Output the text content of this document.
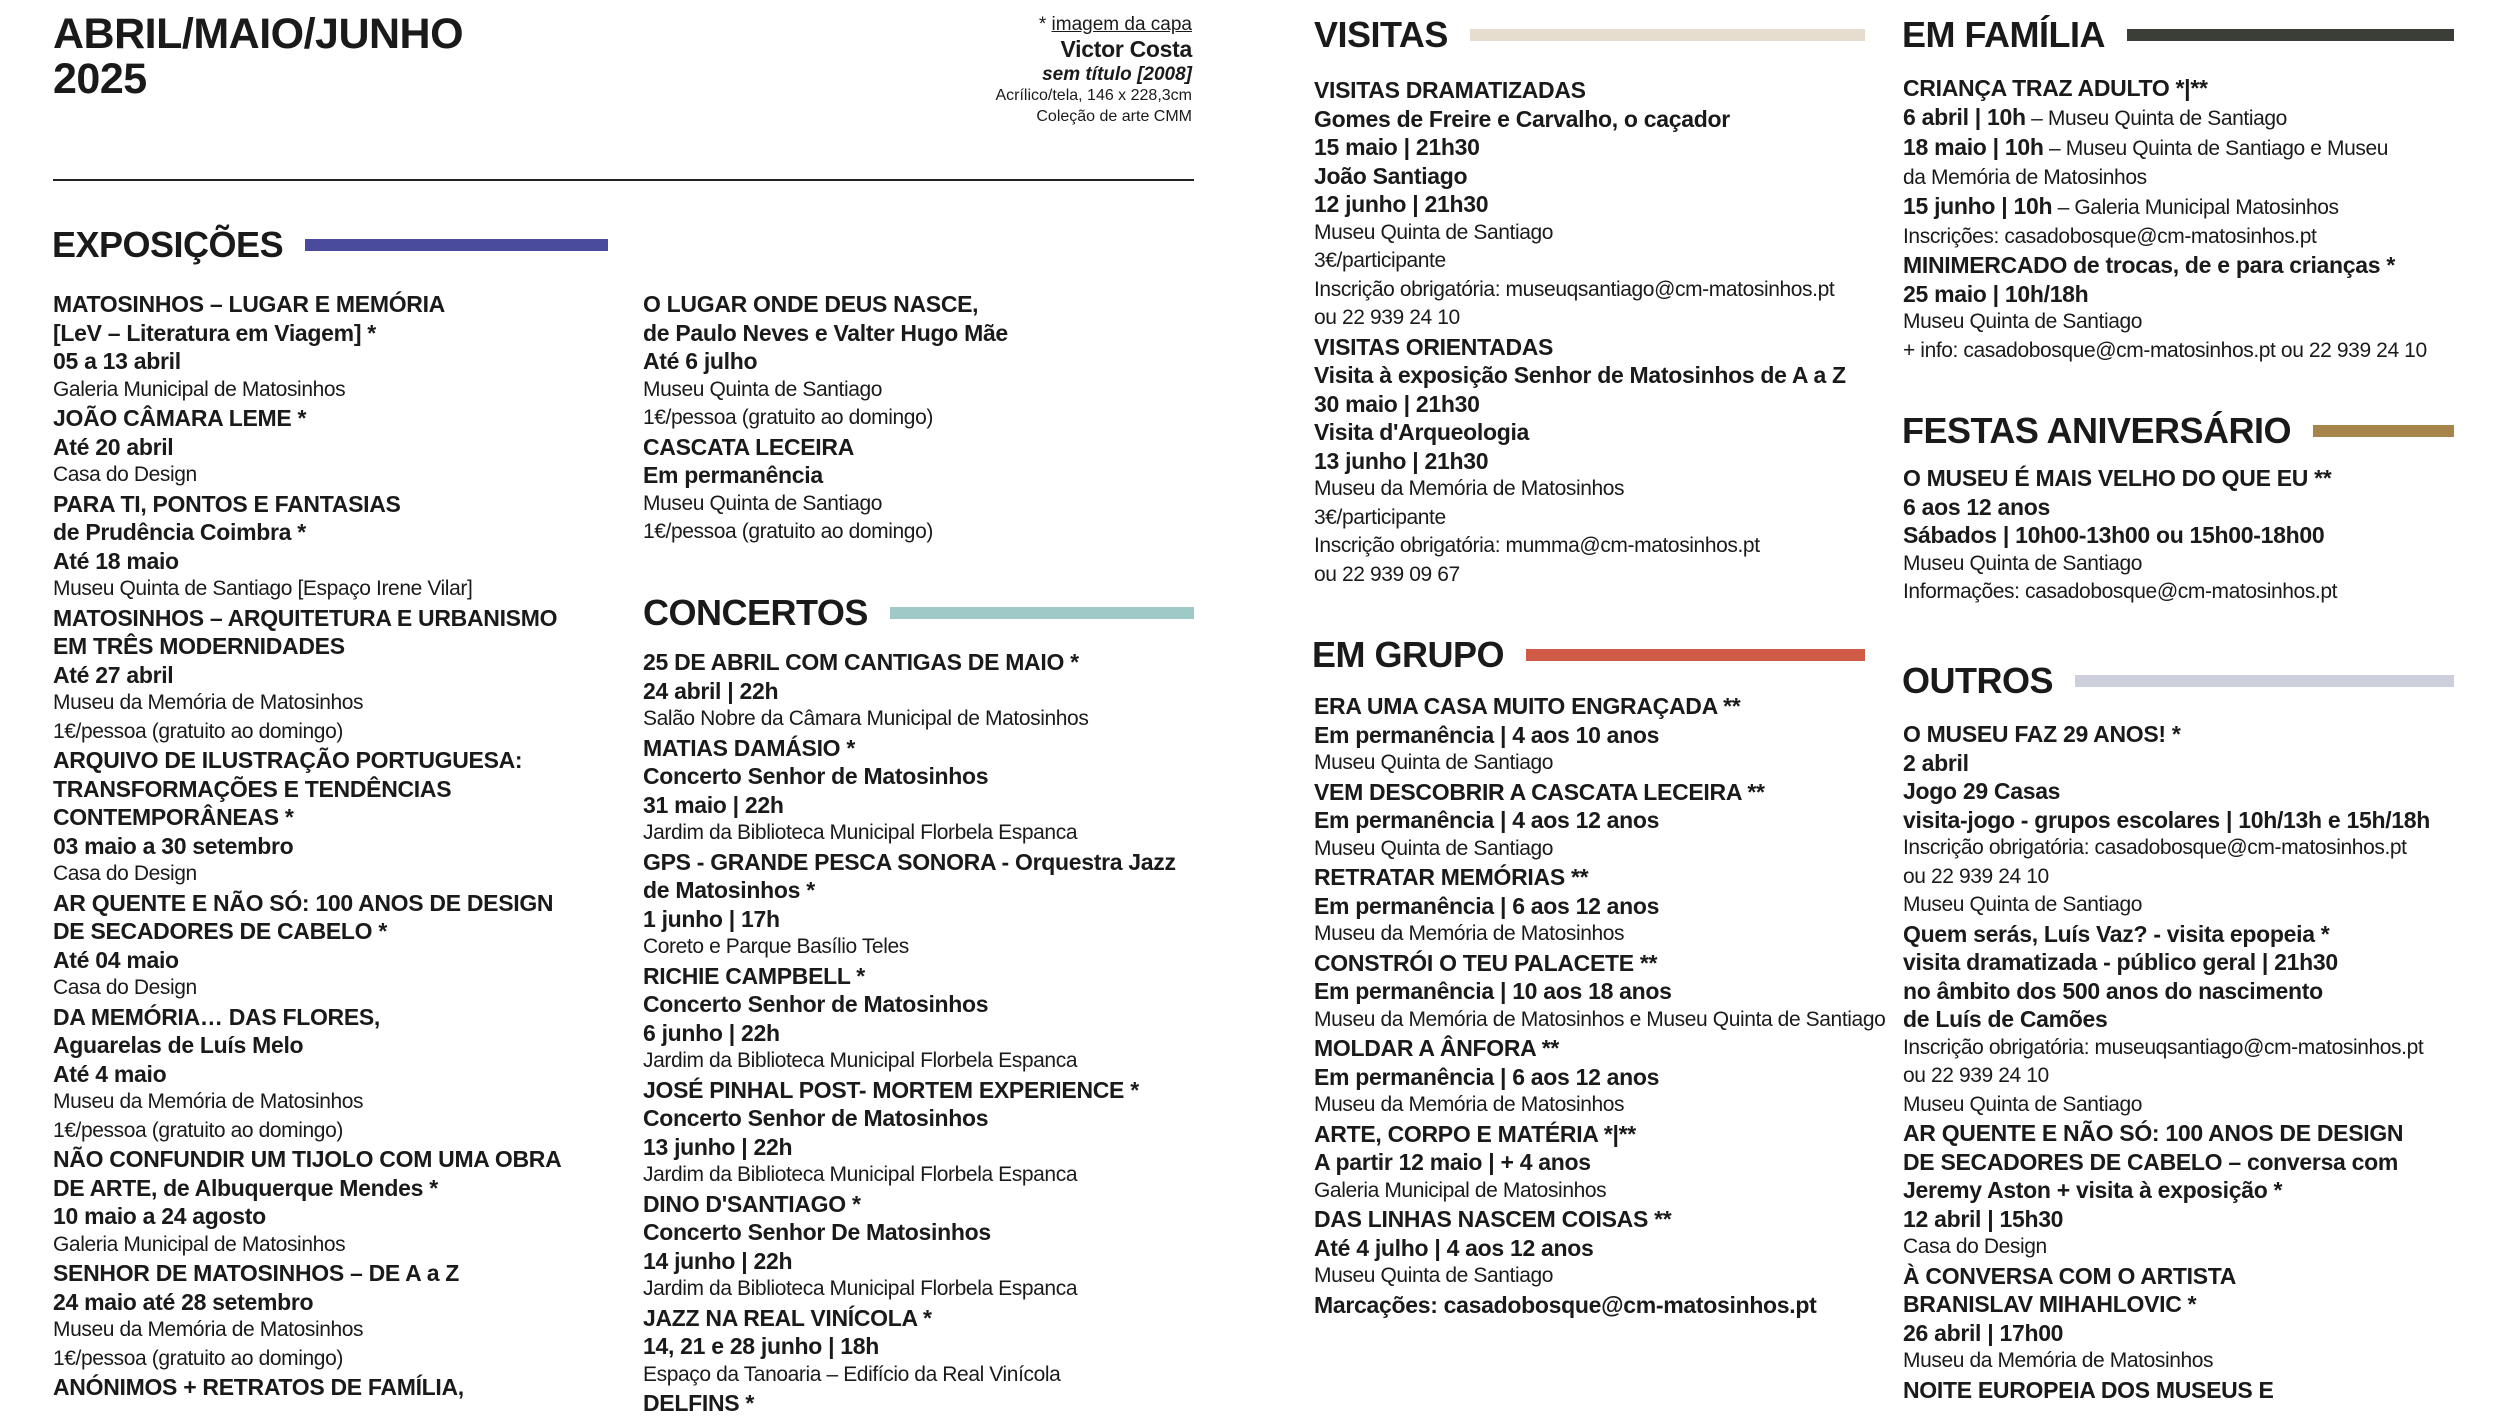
ABRIL/MAIO/JUNHO
2025
* imagem da capa
Victor Costa
sem título [2008]
Acrílico/tela, 146 x 228,3cm
Coleção de arte CMM
EXPOSIÇÕES
MATOSINHOS – LUGAR E MEMÓRIA
[LeV – Literatura em Viagem] *
05 a 13 abril
Galeria Municipal de Matosinhos
JOÃO CÂMARA LEME *
Até 20 abril
Casa do Design
PARA TI, PONTOS E FANTASIAS
de Prudência Coimbra *
Até 18 maio
Museu Quinta de Santiago [Espaço Irene Vilar]
MATOSINHOS – ARQUITETURA E URBANISMO
EM TRÊS MODERNIDADES
Até 27 abril
Museu da Memória de Matosinhos
1€/pessoa (gratuito ao domingo)
ARQUIVO DE ILUSTRAÇÃO PORTUGUESA:
TRANSFORMAÇÕES E TENDÊNCIAS
CONTEMPORÂNEAS *
03 maio a 30 setembro
Casa do Design
AR QUENTE E NÃO SÓ: 100 ANOS DE DESIGN
DE SECADORES DE CABELO *
Até 04 maio
Casa do Design
DA MEMÓRIA… DAS FLORES,
Aguarelas de Luís Melo
Até 4 maio
Museu da Memória de Matosinhos
1€/pessoa (gratuito ao domingo)
NÃO CONFUNDIR UM TIJOLO COM UMA OBRA
DE ARTE, de Albuquerque Mendes *
10 maio a 24 agosto
Galeria Municipal de Matosinhos
SENHOR DE MATOSINHOS – DE A a Z
24 maio até 28 setembro
Museu da Memória de Matosinhos
1€/pessoa (gratuito ao domingo)
ANÓNIMOS + RETRATOS DE FAMÍLIA,
O LUGAR ONDE DEUS NASCE,
de Paulo Neves e Valter Hugo Mãe
Até 6 julho
Museu Quinta de Santiago
1€/pessoa (gratuito ao domingo)
CASCATA LECEIRA
Em permanência
Museu Quinta de Santiago
1€/pessoa (gratuito ao domingo)
CONCERTOS
25 DE ABRIL COM CANTIGAS DE MAIO *
24 abril | 22h
Salão Nobre da Câmara Municipal de Matosinhos
MATIAS DAMÁSIO *
Concerto Senhor de Matosinhos
31 maio | 22h
Jardim da Biblioteca Municipal Florbela Espanca
GPS - GRANDE PESCA SONORA - Orquestra Jazz
de Matosinhos *
1 junho | 17h
Coreto e Parque Basílio Teles
RICHIE CAMPBELL *
Concerto Senhor de Matosinhos
6 junho | 22h
Jardim da Biblioteca Municipal Florbela Espanca
JOSÉ PINHAL POST- MORTEM EXPERIENCE *
Concerto Senhor de Matosinhos
13 junho | 22h
Jardim da Biblioteca Municipal Florbela Espanca
DINO D'SANTIAGO *
Concerto Senhor De Matosinhos
14 junho | 22h
Jardim da Biblioteca Municipal Florbela Espanca
JAZZ NA REAL VINÍCOLA *
14, 21 e 28 junho | 18h
Espaço da Tanoaria – Edifício da Real Vinícola
DELFINS *
VISITAS
VISITAS DRAMATIZADAS
Gomes de Freire e Carvalho, o caçador
15 maio | 21h30
João Santiago
12 junho | 21h30
Museu Quinta de Santiago
3€/participante
Inscrição obrigatória: museuqsantiago@cm-matosinhos.pt
ou 22 939 24 10
VISITAS ORIENTADAS
Visita à exposição Senhor de Matosinhos de A a Z
30 maio | 21h30
Visita d'Arqueologia
13 junho | 21h30
Museu da Memória de Matosinhos
3€/participante
Inscrição obrigatória: mumma@cm-matosinhos.pt
ou 22 939 09 67
EM GRUPO
ERA UMA CASA MUITO ENGRAÇADA **
Em permanência | 4 aos 10 anos
Museu Quinta de Santiago
VEM DESCOBRIR A CASCATA LECEIRA **
Em permanência | 4 aos 12 anos
Museu Quinta de Santiago
RETRATAR MEMÓRIAS **
Em permanência | 6 aos 12 anos
Museu da Memória de Matosinhos
CONSTRÓI O TEU PALACETE **
Em permanência | 10 aos 18 anos
Museu da Memória de Matosinhos e Museu Quinta de Santiago
MOLDAR A ÂNFORA **
Em permanência | 6 aos 12 anos
Museu da Memória de Matosinhos
ARTE, CORPO E MATÉRIA *|**
A partir 12 maio | + 4 anos
Galeria Municipal de Matosinhos
DAS LINHAS NASCEM COISAS **
Até 4 julho | 4 aos 12 anos
Museu Quinta de Santiago
Marcações: casadobosque@cm-matosinhos.pt
EM FAMÍLIA
CRIANÇA TRAZ ADULTO *|**
6 abril | 10h – Museu Quinta de Santiago
18 maio | 10h – Museu Quinta de Santiago e Museu
da Memória de Matosinhos
15 junho | 10h – Galeria Municipal Matosinhos
Inscrições: casadobosque@cm-matosinhos.pt
MINIMERCADO de trocas, de e para crianças *
25 maio | 10h/18h
Museu Quinta de Santiago
+ info: casadobosque@cm-matosinhos.pt ou 22 939 24 10
FESTAS ANIVERSÁRIO
O MUSEU É MAIS VELHO DO QUE EU **
6 aos 12 anos
Sábados | 10h00-13h00 ou 15h00-18h00
Museu Quinta de Santiago
Informações: casadobosque@cm-matosinhos.pt
OUTROS
O MUSEU FAZ 29 ANOS! *
2 abril
Jogo 29 Casas
visita-jogo - grupos escolares | 10h/13h e 15h/18h
Inscrição obrigatória: casadobosque@cm-matosinhos.pt
ou 22 939 24 10
Museu Quinta de Santiago
Quem serás, Luís Vaz? - visita epopeia *
visita dramatizada - público geral | 21h30
no âmbito dos 500 anos do nascimento
de Luís de Camões
Inscrição obrigatória: museuqsantiago@cm-matosinhos.pt
ou 22 939 24 10
Museu Quinta de Santiago
AR QUENTE E NÃO SÓ: 100 ANOS DE DESIGN
DE SECADORES DE CABELO – conversa com
Jeremy Aston + visita à exposição *
12 abril | 15h30
Casa do Design
À CONVERSA COM O ARTISTA
BRANISLAV MIHAHLOVIC *
26 abril | 17h00
Museu da Memória de Matosinhos
NOITE EUROPEIA DOS MUSEUS E
